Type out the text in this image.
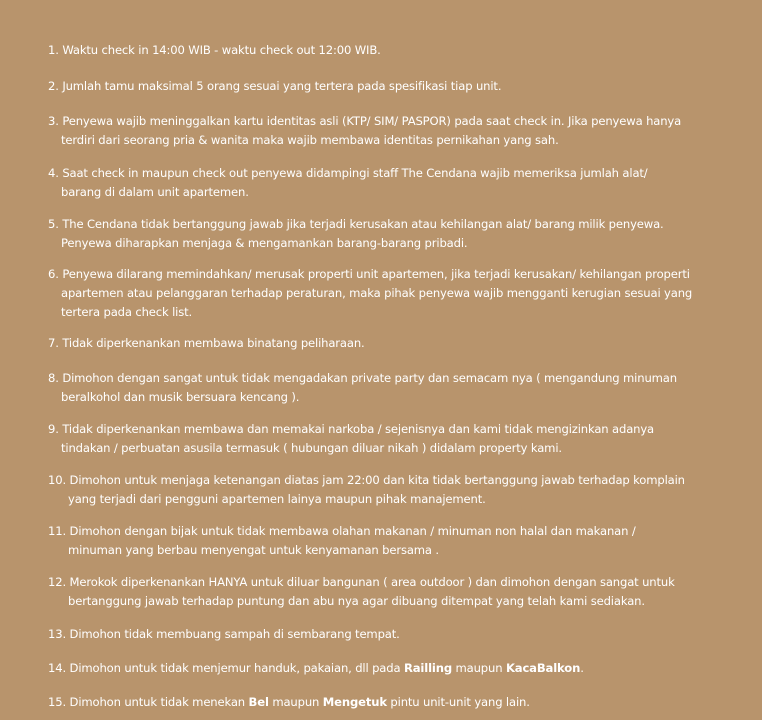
1. Waktu check in 14:00 WIB - waktu check out 12:00 WIB.
2. Jumlah tamu maksimal 5 orang sesuai yang tertera pada spesifikasi tiap unit.
3. Penyewa wajib meninggalkan kartu identitas asli (KTP/ SIM/ PASPOR) pada saat check in. Jika penyewa hanya
terdiri dari seorang pria & wanita maka wajib membawa identitas pernikahan yang sah.
4. Saat check in maupun check out penyewa didampingi staff The Cendana wajib memeriksa jumlah alat/
barang di dalam unit apartemen.
5. The Cendana tidak bertanggung jawab jika terjadi kerusakan atau kehilangan alat/ barang milik penyewa.
Penyewa diharapkan menjaga & mengamankan barang-barang pribadi.
6. Penyewa dilarang memindahkan/ merusak properti unit apartemen, jika terjadi kerusakan/ kehilangan properti
apartemen atau pelanggaran terhadap peraturan, maka pihak penyewa wajib mengganti kerugian sesuai yang
tertera pada check list.
7. Tidak diperkenankan membawa binatang peliharaan.
8. Dimohon dengan sangat untuk tidak mengadakan private party dan semacam nya ( mengandung minuman
beralkohol dan musik bersuara kencang ).
9. Tidak diperkenankan membawa dan memakai narkoba / sejenisnya dan kami tidak mengizinkan adanya
tindakan / perbuatan asusila termasuk ( hubungan diluar nikah ) didalam property kami.
10. Dimohon untuk menjaga ketenangan diatas jam 22:00 dan kita tidak bertanggung jawab terhadap komplain
yang terjadi dari pengguni apartemen lainya maupun pihak manajement.
11. Dimohon dengan bijak untuk tidak membawa olahan makanan / minuman non halal dan makanan /
minuman yang berbau menyengat untuk kenyamanan bersama .
12. Merokok diperkenankan HANYA untuk diluar bangunan ( area outdoor ) dan dimohon dengan sangat untuk
bertanggung jawab terhadap puntung dan abu nya agar dibuang ditempat yang telah kami sediakan.
13. Dimohon tidak membuang sampah di sembarang tempat.
14. Dimohon untuk tidak menjemur handuk, pakaian, dll pada Railling maupun KacaBalkon.
15. Dimohon untuk tidak menekan Bel maupun Mengetuk pintu unit-unit yang lain.
